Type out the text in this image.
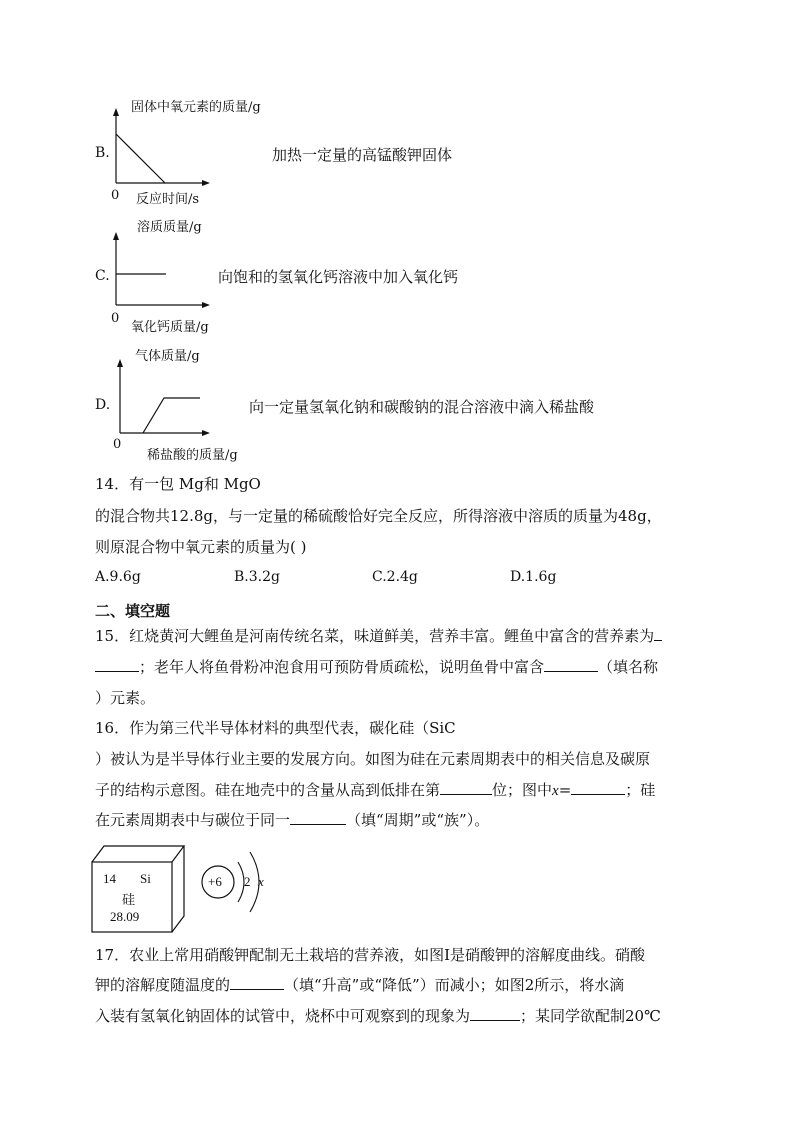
B.
固体中氧元素的质量/g
0 反应时间/s
加热一定量的高锰酸钾固体
C.
溶质质量/g
0
氧化钙质量/g
向饱和的氢氧化钙溶液中加入氧化钙
D.
气体质量/g
0
稀盐酸的质量/g
向一定量氢氧化钠和碳酸钠的混合溶液中滴入稀盐酸
14．有一包 Mg和 MgO
的混合物共12.8g，与一定量的稀硫酸恰好完全反应，所得溶液中溶质的质量为48g，
则原混合物中氧元素的质量为( )
A.9.6g	B.3.2g	C.2.4g	D.1.6g
二、填空题
15．红烧黄河大鲤鱼是河南传统名菜，味道鲜美，营养丰富。鲤鱼中富含的营养素为
；老年人将鱼骨粉冲泡食用可预防骨质疏松，说明鱼骨中富含	（填名称
）元素。
16．作为第三代半导体材料的典型代表，碳化硅（SiC
）被认为是半导体行业主要的发展方向。如图为硅在元素周期表中的相关信息及碳原
子的结构示意图。硅在地壳中的含量从高到低排在第	位；图中x=	；硅
在元素周期表中与碳位于同一	（填“周期”或“族”）。
14 Si
硅
28.09
+6 2 x
17．农业上常用硝酸钾配制无土栽培的营养液，如图Ⅰ是硝酸钾的溶解度曲线。硝酸
钾的溶解度随温度的	（填“升高”或“降低”）而减小；如图2所示，将水滴
入装有氢氧化钠固体的试管中，烧杯中可观察到的现象为	；某同学欲配制20℃
